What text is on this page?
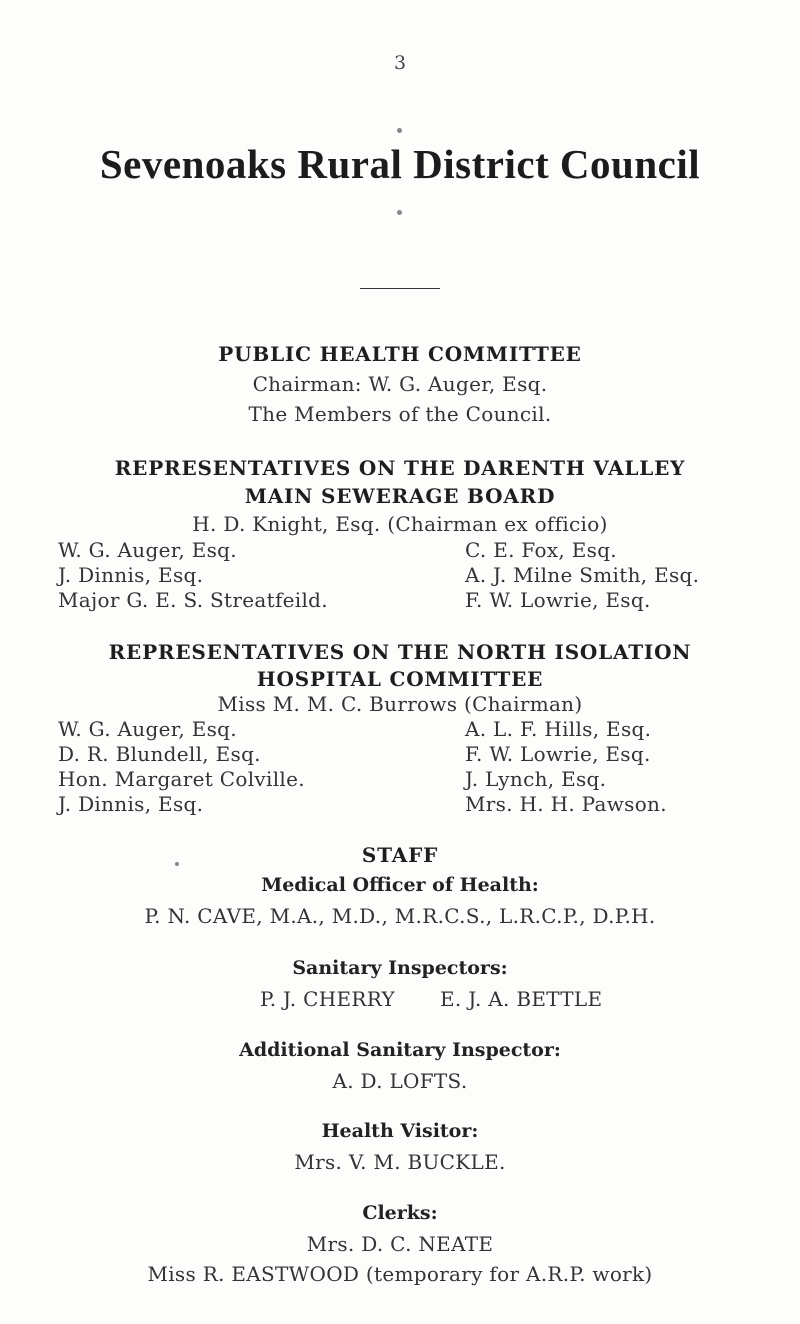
3
Sevenoaks Rural District Council
PUBLIC HEALTH COMMITTEE
Chairman: W. G. Auger, Esq.
The Members of the Council.
REPRESENTATIVES ON THE DARENTH VALLEY
MAIN SEWERAGE BOARD
H. D. Knight, Esq. (Chairman ex officio)
W. G. Auger, Esq.
J. Dinnis, Esq.
Major G. E. S. Streatfeild.
C. E. Fox, Esq.
A. J. Milne Smith, Esq.
F. W. Lowrie, Esq.
REPRESENTATIVES ON THE NORTH ISOLATION
HOSPITAL COMMITTEE
Miss M. M. C. Burrows (Chairman)
W. G. Auger, Esq.
D. R. Blundell, Esq.
Hon. Margaret Colville.
J. Dinnis, Esq.
A. L. F. Hills, Esq.
F. W. Lowrie, Esq.
J. Lynch, Esq.
Mrs. H. H. Pawson.
STAFF
Medical Officer of Health:
P. N. CAVE, M.A., M.D., M.R.C.S., L.R.C.P., D.P.H.
Sanitary Inspectors:
P. J. CHERRY E. J. A. BETTLE
Additional Sanitary Inspector:
A. D. LOFTS.
Health Visitor:
Mrs. V. M. BUCKLE.
Clerks:
Mrs. D. C. NEATE
Miss R. EASTWOOD (temporary for A.R.P. work)
